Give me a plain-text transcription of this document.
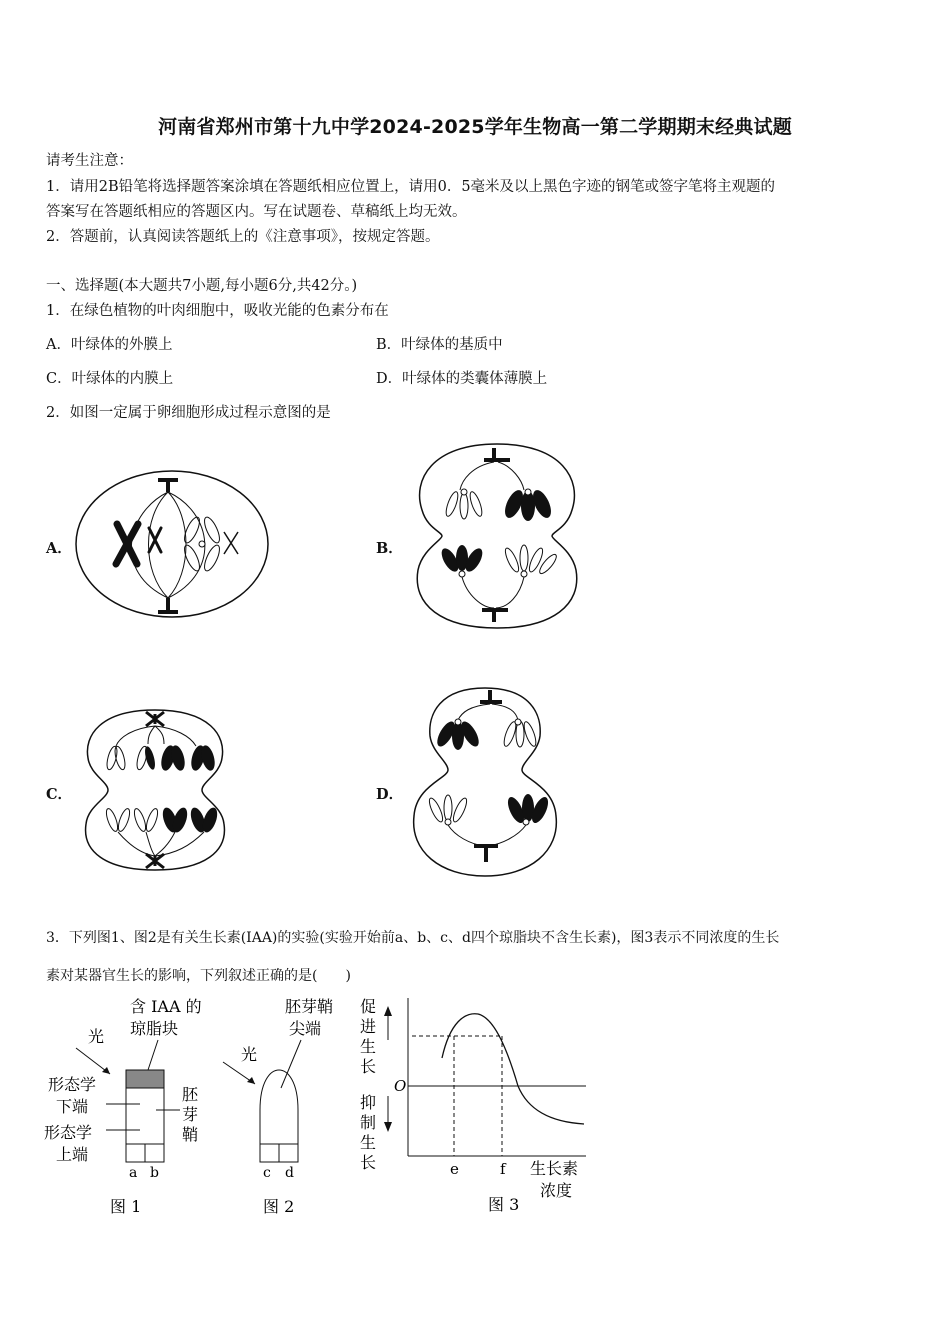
河南省郑州市第十九中学2024-2025学年生物高一第二学期期末经典试题
请考生注意：
1．请用2B铅笔将选择题答案涂填在答题纸相应位置上，请用0．5毫米及以上黑色字迹的钢笔或签字笔将主观题的
答案写在答题纸相应的答题区内。写在试题卷、草稿纸上均无效。
2．答题前，认真阅读答题纸上的《注意事项》，按规定答题。
一、选择题(本大题共7小题,每小题6分,共42分。)
1．在绿色植物的叶肉细胞中，吸收光能的色素分布在
A．叶绿体的外膜上	B．叶绿体的基质中
C．叶绿体的内膜上	D．叶绿体的类囊体薄膜上
2．如图一定属于卵细胞形成过程示意图的是
A．	B．
C．	D．
3．下列图1、图2是有关生长素(IAA)的实验(实验开始前a、b、c、d四个琼脂块不含生长素)，图3表示不同浓度的生长
素对某器官生长的影响，下列叙述正确的是(　　)
含 IAA 的
琼脂块
光
形态学
下端
形态学
上端
胚
芽
鞘
a b
图 1
胚芽鞘
尖端
光
c d
图 2
促
进
生
长
抑
制
生
长
O
e	f 生长素
浓度
图 3
